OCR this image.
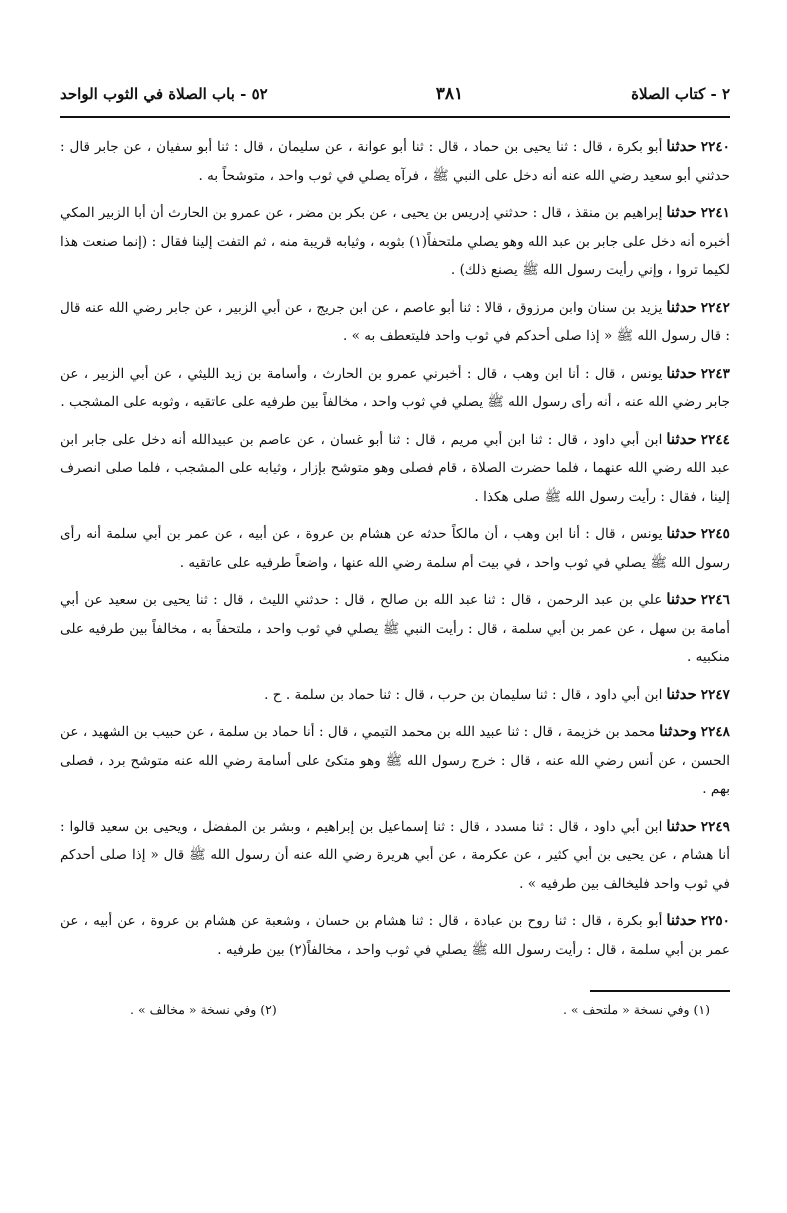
٢ - كتاب الصلاة
٣٨١
٥٢ - باب الصلاة في الثوب الواحد
٢٢٤٠حدثناأبو بكرة ، قال : ثنا يحيى بن حماد ، قال : ثنا أبو عوانة ، عن سليمان ، قال : ثنا أبو سفيان ، عن جابر قال : حدثني أبو سعيد رضي الله عنه أنه دخل على النبي ﷺ ، فرآه يصلي في ثوب واحد ، متوشحاً به .
٢٢٤١حدثناإبراهيم بن منقذ ، قال : حدثني إدريس بن يحيى ، عن بكر بن مضر ، عن عمرو بن الحارث أن أبا الزبير المكي أخبره أنه دخل على جابر بن عبد الله وهو يصلي ملتحفاً(١) بثوبه ، وثيابه قريبة منه ، ثم التفت إلينا فقال : (إنما صنعت هذا لكيما تروا ، وإني رأيت رسول الله ﷺ يصنع ذلك) .
٢٢٤٢حدثنايزيد بن سنان وابن مرزوق ، قالا : ثنا أبو عاصم ، عن ابن جريج ، عن أبي الزبير ، عن جابر رضي الله عنه قال : قال رسول الله ﷺ « إذا صلى أحدكم في ثوب واحد فليتعطف به » .
٢٢٤٣حدثنايونس ، قال : أنا ابن وهب ، قال : أخبرني عمرو بن الحارث ، وأسامة بن زيد الليثي ، عن أبي الزبير ، عن جابر رضي الله عنه ، أنه رأى رسول الله ﷺ يصلي في ثوب واحد ، مخالفاً بين طرفيه على عاتقيه ، وثوبه على المشجب .
٢٢٤٤حدثناابن أبي داود ، قال : ثنا ابن أبي مريم ، قال : ثنا أبو غسان ، عن عاصم بن عبيدالله أنه دخل على جابر ابن عبد الله رضي الله عنهما ، فلما حضرت الصلاة ، قام فصلى وهو متوشح بإزار ، وثيابه على المشجب ، فلما صلى انصرف إلينا ، فقال : رأيت رسول الله ﷺ صلى هكذا .
٢٢٤٥حدثنايونس ، قال : أنا ابن وهب ، أن مالكاً حدثه عن هشام بن عروة ، عن أبيه ، عن عمر بن أبي سلمة أنه رأى رسول الله ﷺ يصلي في ثوب واحد ، في بيت أم سلمة رضي الله عنها ، واضعاً طرفيه على عاتقيه .
٢٢٤٦حدثناعلي بن عبد الرحمن ، قال : ثنا عبد الله بن صالح ، قال : حدثني الليث ، قال : ثنا يحيى بن سعيد عن أبي أمامة بن سهل ، عن عمر بن أبي سلمة ، قال : رأيت النبي ﷺ يصلي في ثوب واحد ، ملتحفاً به ، مخالفاً بين طرفيه على منكبيه .
٢٢٤٧حدثناابن أبي داود ، قال : ثنا سليمان بن حرب ، قال : ثنا حماد بن سلمة . ح .
٢٢٤٨وحدثنامحمد بن خزيمة ، قال : ثنا عبيد الله بن محمد التيمي ، قال : أنا حماد بن سلمة ، عن حبيب بن الشهيد ، عن الحسن ، عن أنس رضي الله عنه ، قال : خرج رسول الله ﷺ وهو متكئ على أسامة رضي الله عنه متوشح برد ، فصلى بهم .
٢٢٤٩حدثناابن أبي داود ، قال : ثنا مسدد ، قال : ثنا إسماعيل بن إبراهيم ، وبشر بن المفضل ، ويحيى بن سعيد قالوا : أنا هشام ، عن يحيى بن أبي كثير ، عن عكرمة ، عن أبي هريرة رضي الله عنه أن رسول الله ﷺ قال « إذا صلى أحدكم في ثوب واحد فليخالف بين طرفيه » .
٢٢٥٠حدثناأبو بكرة ، قال : ثنا روح بن عبادة ، قال : ثنا هشام بن حسان ، وشعبة عن هشام بن عروة ، عن أبيه ، عن عمر بن أبي سلمة ، قال : رأيت رسول الله ﷺ يصلي في ثوب واحد ، مخالفاً(٢) بين طرفيه .
(١) وفي نسخة « ملتحف » .
(٢) وفي نسخة « مخالف » .
